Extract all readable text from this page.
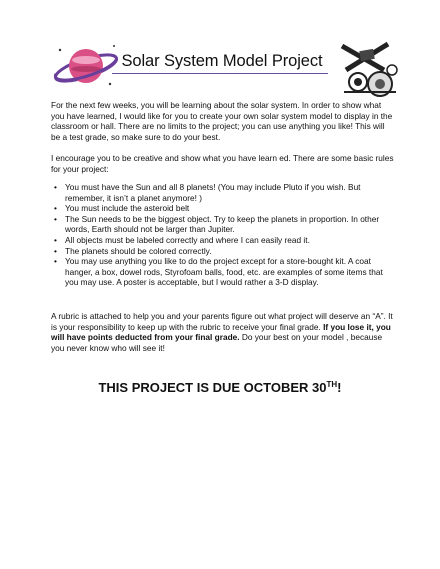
Solar System Model Project
For the next few weeks, you will be learning about the solar system. In order to show what you have learned, I would like for you to create your own solar system model to display in the classroom or hall. There are no limits to the project; you can use anything you like! This will be a test grade, so make sure to do your best.
I encourage you to be creative and show what you have learn ed. There are some basic rules for your project:
• You must have the Sun and all 8 planets! (You may include Pluto if you wish. But remember, it isn’t a planet anymore! )
• You must include the asteroid belt
• The Sun needs to be the biggest object. Try to keep the planets in proportion. In other words, Earth should not be larger than Jupiter.
• All objects must be labeled correctly and where I can easily read it.
• The planets should be colored correctly.
• You may use anything you like to do the project except for a store-bought kit. A coat hanger, a box, dowel rods, Styrofoam balls, food, etc. are examples of some items that you may use. A poster is acceptable, but I would rather a 3-D display.
A rubric is attached to help you and your parents figure out what project will deserve an “A”. It is your responsibility to keep up with the rubric to receive your final grade. If you lose it, you will have points deducted from your final grade. Do your best on your model , because you never know who will see it!
THIS PROJECT IS DUE OCTOBER 30TH!
